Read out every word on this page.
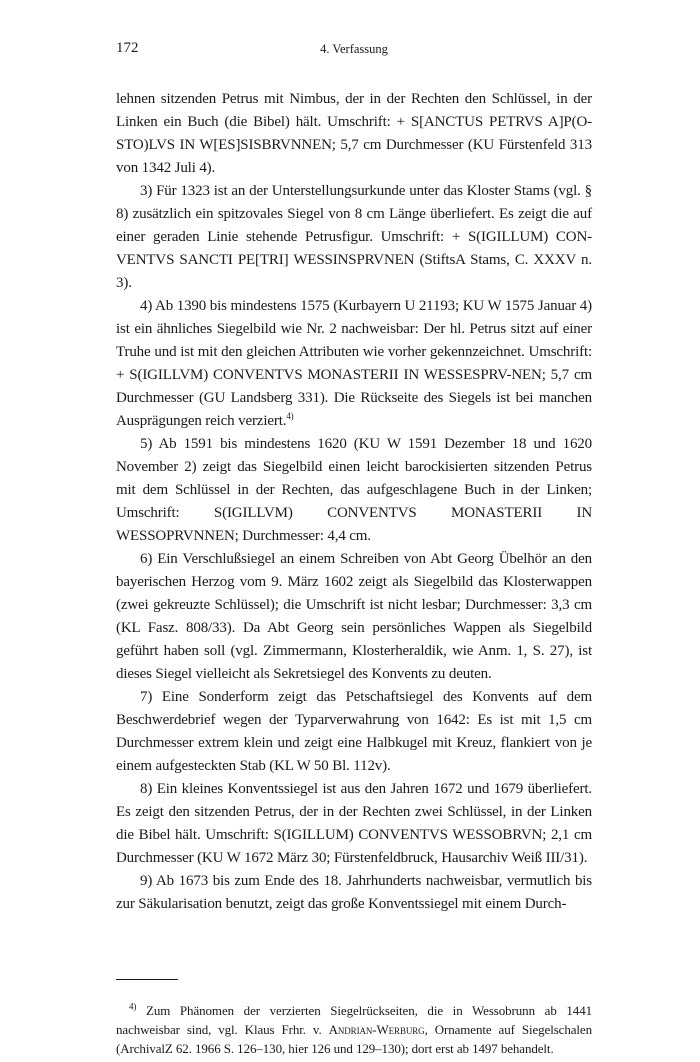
172	4. Verfassung

lehnen sitzenden Petrus mit Nimbus, der in der Rechten den Schlüssel, in der Linken ein Buch (die Bibel) hält. Umschrift: + S[ANCTUS PETRVS A]P(O-STO)LVS IN W[ES]SISBRVNNEN; 5,7 cm Durchmesser (KU Fürstenfeld 313 von 1342 Juli 4).

3) Für 1323 ist an der Unterstellungsurkunde unter das Kloster Stams (vgl. § 8) zusätzlich ein spitzovales Siegel von 8 cm Länge überliefert. Es zeigt die auf einer geraden Linie stehende Petrusfigur. Umschrift: + S(IGILLUM) CON-VENTVS SANCTI PE[TRI] WESSINSPRVNEN (StiftsA Stams, C. XXXV n. 3).

4) Ab 1390 bis mindestens 1575 (Kurbayern U 21193; KU W 1575 Januar 4) ist ein ähnliches Siegelbild wie Nr. 2 nachweisbar: Der hl. Petrus sitzt auf einer Truhe und ist mit den gleichen Attributen wie vorher gekennzeichnet. Umschrift: + S(IGILLVM) CONVENTVS MONASTERII IN WESSESPRV-NEN; 5,7 cm Durchmesser (GU Landsberg 331). Die Rückseite des Siegels ist bei manchen Ausprägungen reich verziert.$^{4)}$

5) Ab 1591 bis mindestens 1620 (KU W 1591 Dezember 18 und 1620 November 2) zeigt das Siegelbild einen leicht barockisierten sitzenden Petrus mit dem Schlüssel in der Rechten, das aufgeschlagene Buch in der Linken; Umschrift: S(IGILLVM) CONVENTVS MONASTERII IN WESSOPRVNNEN; Durchmesser: 4,4 cm.

6) Ein Verschlußsiegel an einem Schreiben von Abt Georg Übelhör an den bayerischen Herzog vom 9. März 1602 zeigt als Siegelbild das Klosterwappen (zwei gekreuzte Schlüssel); die Umschrift ist nicht lesbar; Durchmesser: 3,3 cm (KL Fasz. 808/33). Da Abt Georg sein persönliches Wappen als Siegelbild geführt haben soll (vgl. Zimmermann, Klosterheraldik, wie Anm. 1, S. 27), ist dieses Siegel vielleicht als Sekretsiegel des Konvents zu deuten.

7) Eine Sonderform zeigt das Petschaftsiegel des Konvents auf dem Beschwerdebrief wegen der Typarverwahrung von 1642: Es ist mit 1,5 cm Durchmesser extrem klein und zeigt eine Halbkugel mit Kreuz, flankiert von je einem aufgesteckten Stab (KL W 50 Bl. 112v).

8) Ein kleines Konventssiegel ist aus den Jahren 1672 und 1679 überliefert. Es zeigt den sitzenden Petrus, der in der Rechten zwei Schlüssel, in der Linken die Bibel hält. Umschrift: S(IGILLUM) CONVENTVS WESSOBRVN; 2,1 cm Durchmesser (KU W 1672 März 30; Fürstenfeldbruck, Hausarchiv Weiß III/31).

9) Ab 1673 bis zum Ende des 18. Jahrhunderts nachweisbar, vermutlich bis zur Säkularisation benutzt, zeigt das große Konventssiegel mit einem Durch-

$^{4)}$ Zum Phänomen der verzierten Siegelrückseiten, die in Wessobrunn ab 1441 nachweisbar sind, vgl. Klaus Frhr. v. Andrian-Werburg, Ornamente auf Siegelschalen (ArchivalZ 62. 1966 S. 126–130, hier 126 und 129–130); dort erst ab 1497 behandelt.
